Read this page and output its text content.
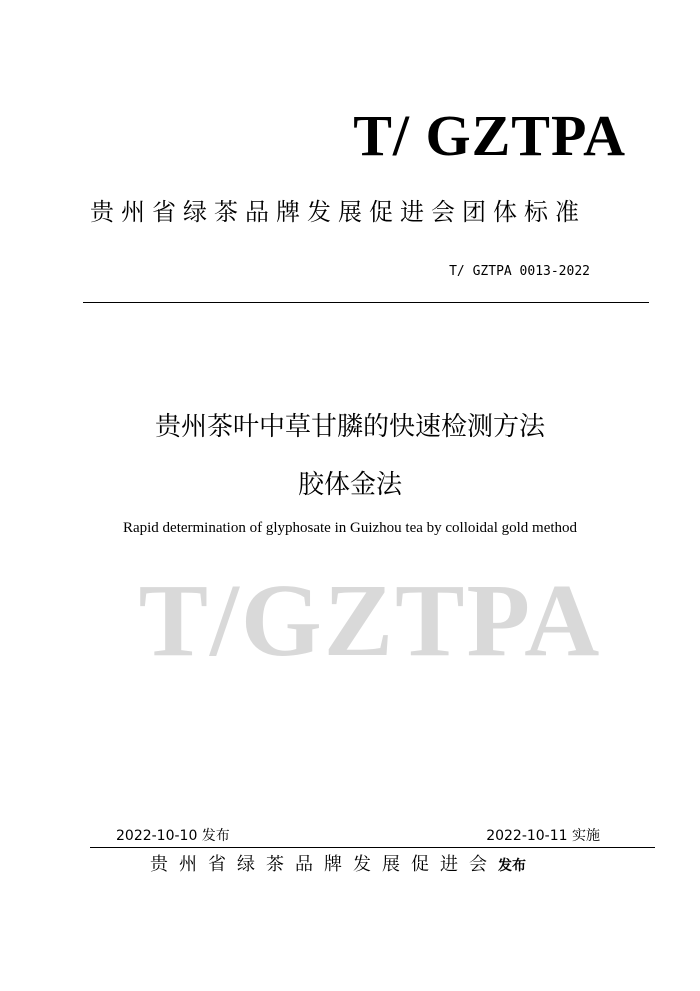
T/ GZTPA
贵州省绿茶品牌发展促进会团体标准
T/ GZTPA 0013-2022
贵州茶叶中草甘膦的快速检测方法
胶体金法
Rapid determination of glyphosate in Guizhou tea by colloidal gold method
T/GZTPA
2022-10-10 发布	2022-10-11 实施
贵州省绿茶品牌发展促进会发布
